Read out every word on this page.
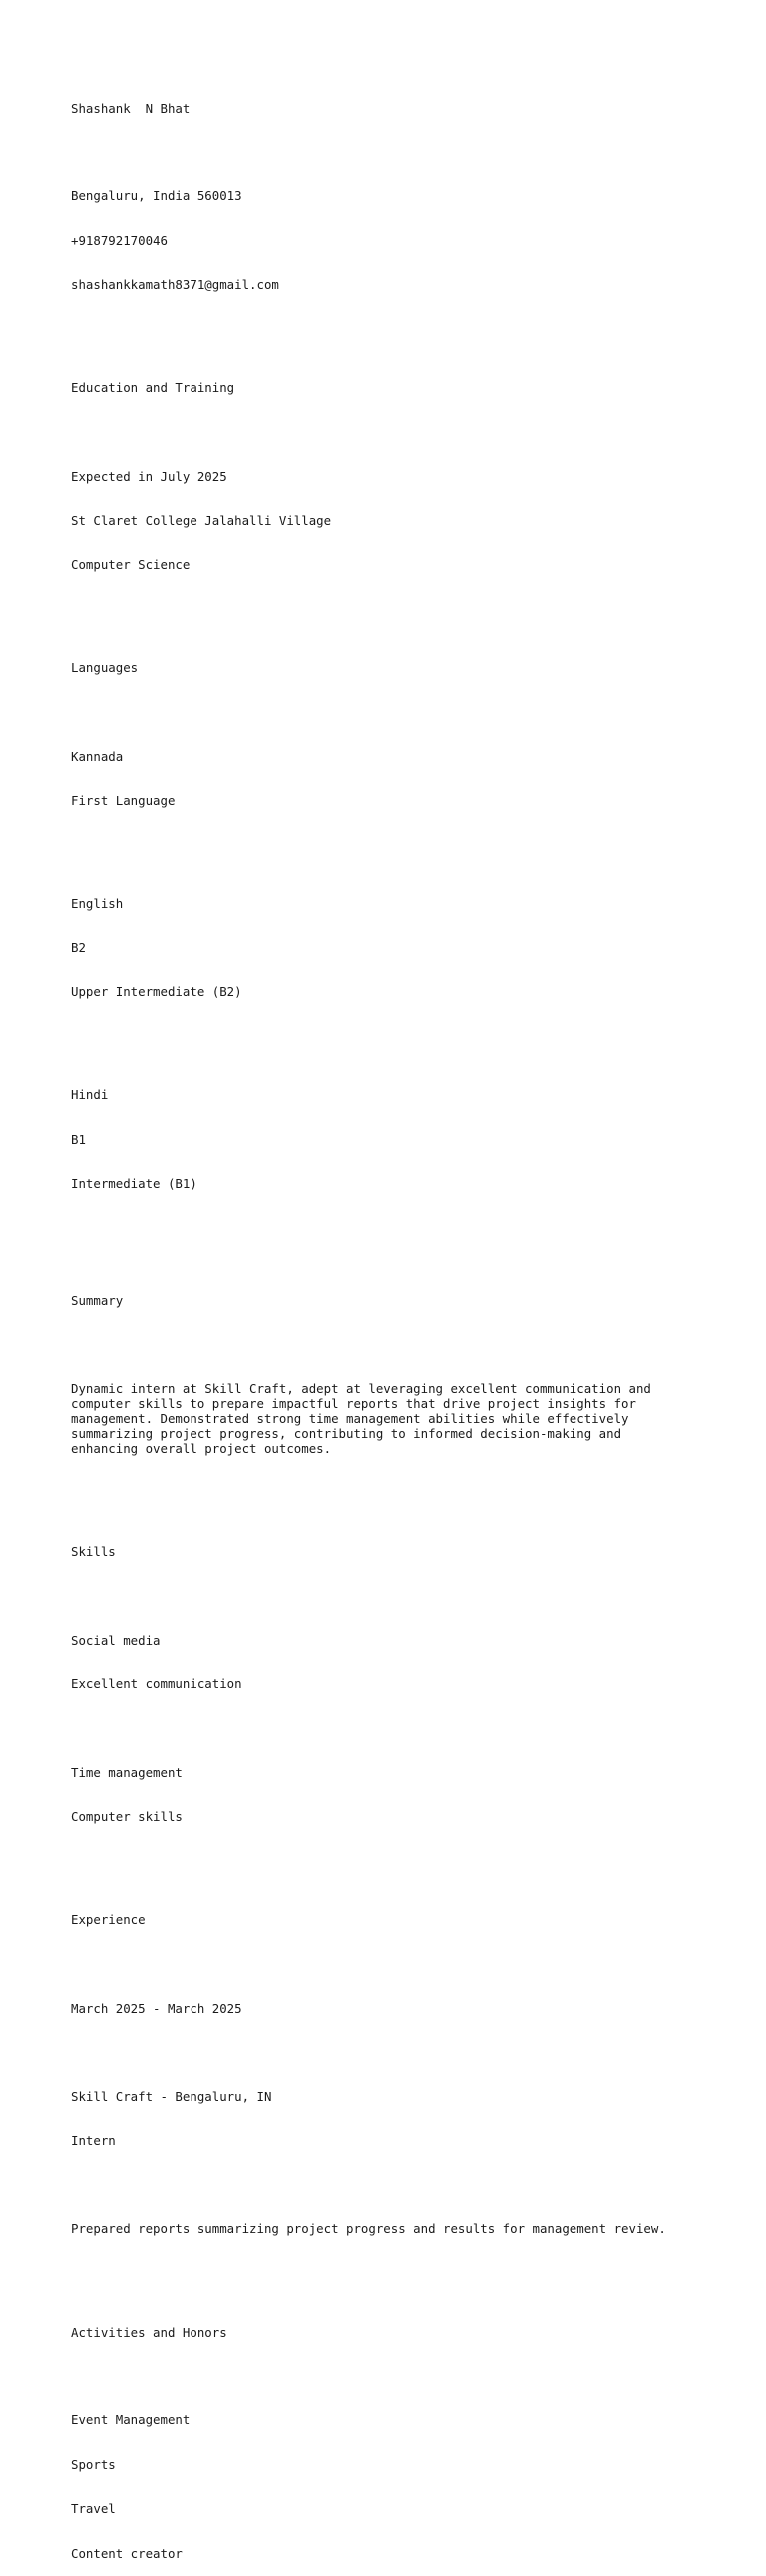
Shashank  N Bhat

Bengaluru, India 560013

+918792170046

shashankkamath8371@gmail.com

Education and Training

Expected in July 2025

St Claret College Jalahalli Village

Computer Science

Languages

Kannada

First Language

English

B2

Upper Intermediate (B2)

Hindi

B1

Intermediate (B1)

Summary

Dynamic intern at Skill Craft, adept at leveraging excellent communication and computer skills to prepare impactful reports that drive project insights for management. Demonstrated strong time management abilities while effectively summarizing project progress, contributing to informed decision-making and enhancing overall project outcomes.

Skills

Social media

Excellent communication

Time management

Computer skills

Experience

March 2025 - March 2025

Skill Craft - Bengaluru, IN

Intern

Prepared reports summarizing project progress and results for management review.

Activities and Honors

Event Management

Sports

Travel

Content creator
